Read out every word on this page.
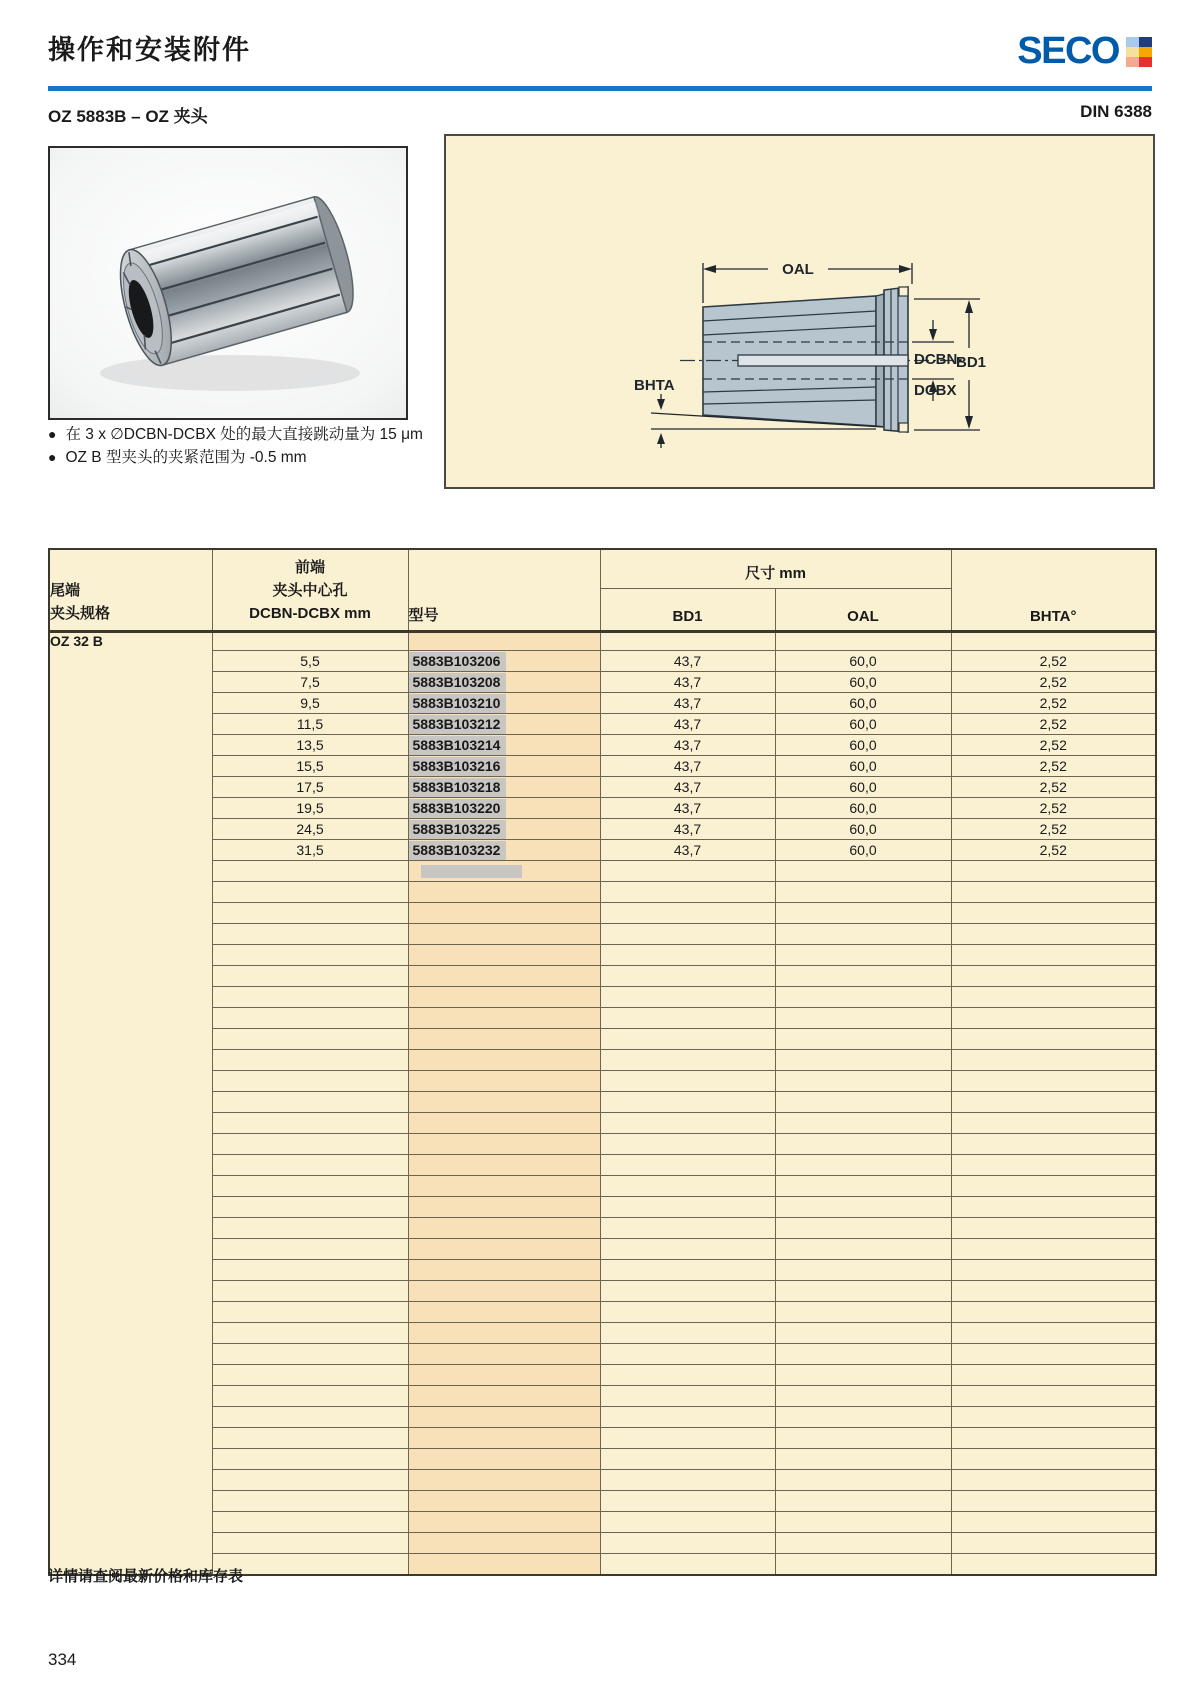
操作和安装附件	SECO
OZ 5883B – OZ 夹头	DIN 6388
● 在 3 x ∅DCBN-DCBX 处的最大直接跳动量为 15 μm
● OZ B 型夹头的夹紧范围为 -0.5 mm
OAL
BD1
DCBN-
DCBX
BHTA
尾端
夹头规格

前端
夹头中心孔
DCBN-DCBX mm	型号	尺寸 mm	BHTA°
			BD1	OAL	
OZ 32 B					
	5,5	5883B103206	43,7	60,0	2,52
	7,5	5883B103208	43,7	60,0	2,52
	9,5	5883B103210	43,7	60,0	2,52
	11,5	5883B103212	43,7	60,0	2,52
	13,5	5883B103214	43,7	60,0	2,52
	15,5	5883B103216	43,7	60,0	2,52
	17,5	5883B103218	43,7	60,0	2,52
	19,5	5883B103220	43,7	60,0	2,52
	24,5	5883B103225	43,7	60,0	2,52
	31,5	5883B103232	43,7	60,0	2,52

详情请查阅最新价格和库存表
334
